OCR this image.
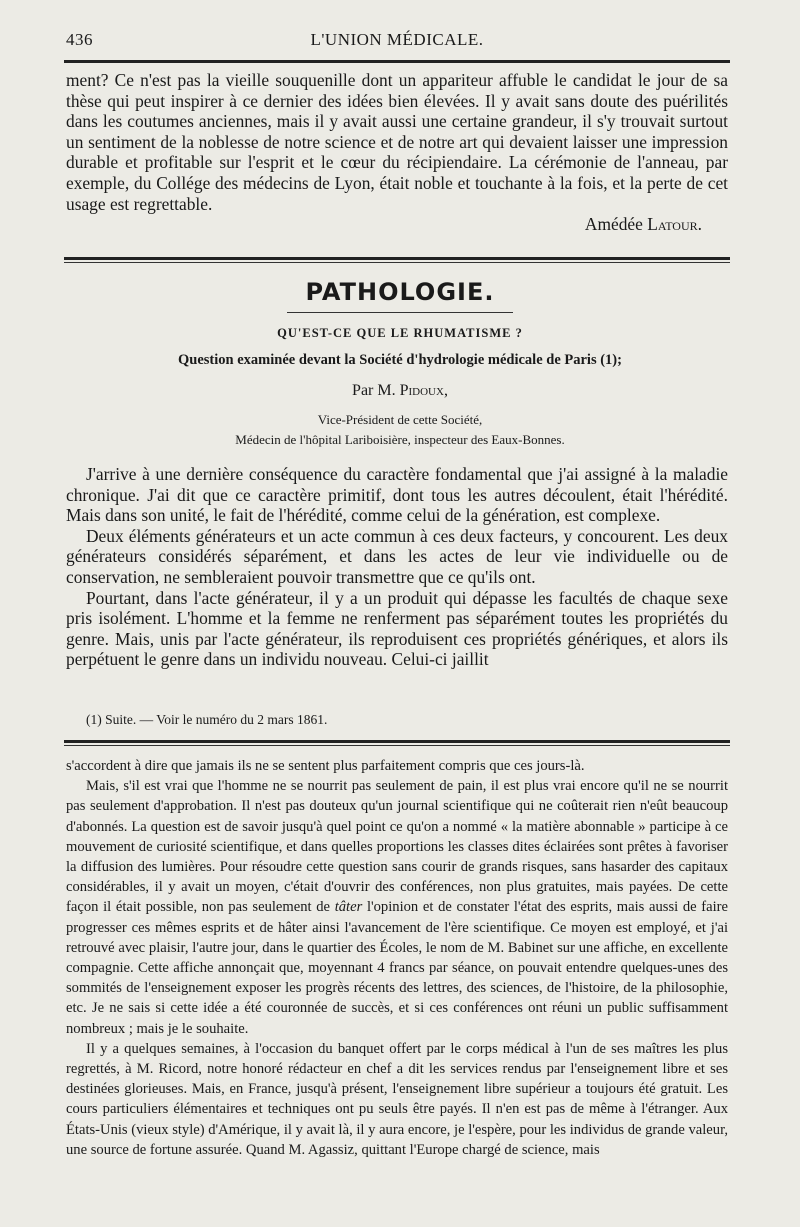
436	L'UNION MÉDICALE.

ment? Ce n'est pas la vieille souquenille dont un appariteur affuble le candidat le jour de sa thèse qui peut inspirer à ce dernier des idées bien élevées. Il y avait sans doute des puérilités dans les coutumes anciennes, mais il y avait aussi une certaine grandeur, il s'y trouvait surtout un sentiment de la noblesse de notre science et de notre art qui devaient laisser une impression durable et profitable sur l'esprit et le cœur du récipiendaire. La cérémonie de l'anneau, par exemple, du Collége des médecins de Lyon, était noble et touchante à la fois, et la perte de cet usage est regrettable.

Amédée Latour.
PATHOLOGIE.
QU'EST-CE QUE LE RHUMATISME ?
Question examinée devant la Société d'hydrologie médicale de Paris (1);
Par M. Pidoux,
Vice-Président de cette Société,
Médecin de l'hôpital Lariboisière, inspecteur des Eaux-Bonnes.

J'arrive à une dernière conséquence du caractère fondamental que j'ai assigné à la maladie chronique. J'ai dit que ce caractère primitif, dont tous les autres découlent, était l'hérédité. Mais dans son unité, le fait de l'hérédité, comme celui de la génération, est complexe.

Deux éléments générateurs et un acte commun à ces deux facteurs, y concourent. Les deux générateurs considérés séparément, et dans les actes de leur vie individuelle ou de conservation, ne sembleraient pouvoir transmettre que ce qu'ils ont.

Pourtant, dans l'acte générateur, il y a un produit qui dépasse les facultés de chaque sexe pris isolément. L'homme et la femme ne renferment pas séparément toutes les propriétés du genre. Mais, unis par l'acte générateur, ils reproduisent ces propriétés génériques, et alors ils perpétuent le genre dans un individu nouveau. Celui-ci jaillit

(1) Suite. — Voir le numéro du 2 mars 1861.

s'accordent à dire que jamais ils ne se sentent plus parfaitement compris que ces jours-là.

Mais, s'il est vrai que l'homme ne se nourrit pas seulement de pain, il est plus vrai encore qu'il ne se nourrit pas seulement d'approbation. Il n'est pas douteux qu'un journal scientifique qui ne coûterait rien n'eût beaucoup d'abonnés. La question est de savoir jusqu'à quel point ce qu'on a nommé « la matière abonnable » participe à ce mouvement de curiosité scientifique, et dans quelles proportions les classes dites éclairées sont prêtes à favoriser la diffusion des lumières. Pour résoudre cette question sans courir de grands risques, sans hasarder des capitaux considérables, il y avait un moyen, c'était d'ouvrir des conférences, non plus gratuites, mais payées. De cette façon il était possible, non pas seulement de tâter l'opinion et de constater l'état des esprits, mais aussi de faire progresser ces mêmes esprits et de hâter ainsi l'avancement de l'ère scientifique. Ce moyen est employé, et j'ai retrouvé avec plaisir, l'autre jour, dans le quartier des Écoles, le nom de M. Babinet sur une affiche, en excellente compagnie. Cette affiche annonçait que, moyennant 4 francs par séance, on pouvait entendre quelques-unes des sommités de l'enseignement exposer les progrès récents des lettres, des sciences, de l'histoire, de la philosophie, etc. Je ne sais si cette idée a été couronnée de succès, et si ces conférences ont réuni un public suffisamment nombreux ; mais je le souhaite.

Il y a quelques semaines, à l'occasion du banquet offert par le corps médical à l'un de ses maîtres les plus regrettés, à M. Ricord, notre honoré rédacteur en chef a dit les services rendus par l'enseignement libre et ses destinées glorieuses. Mais, en France, jusqu'à présent, l'enseignement libre supérieur a toujours été gratuit. Les cours particuliers élémentaires et techniques ont pu seuls être payés. Il n'en est pas de même à l'étranger. Aux États-Unis (vieux style) d'Amérique, il y avait là, il y aura encore, je l'espère, pour les individus de grande valeur, une source de fortune assurée. Quand M. Agassiz, quittant l'Europe chargé de science, mais
